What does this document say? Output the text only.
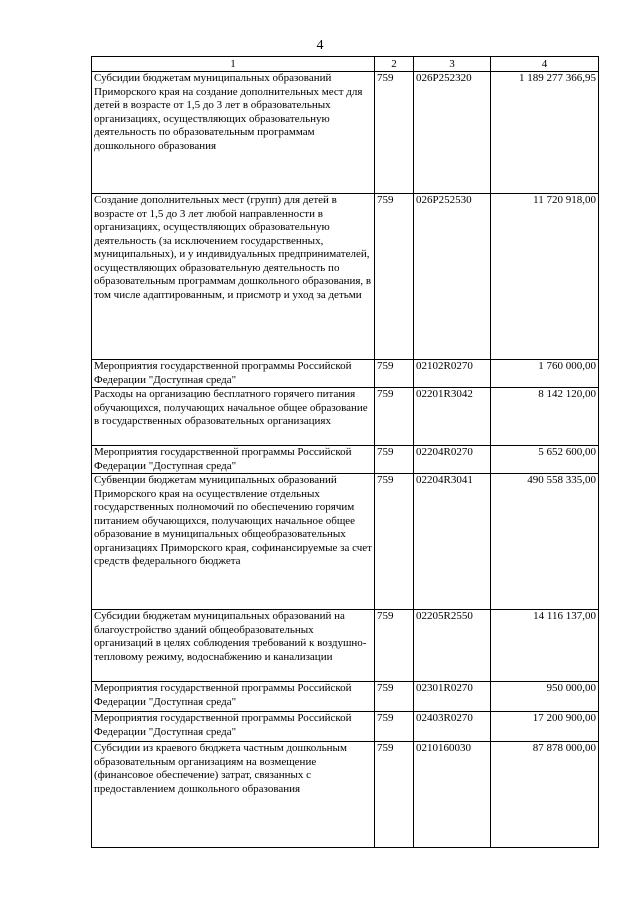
4
1	2	3	4
Субсидии бюджетам муниципальных образований Приморского края на создание дополнительных мест для детей в возрасте от 1,5 до 3 лет в образовательных организациях, осуществляющих образовательную деятельность по образовательным программам дошкольного образования	759	026P252320	1 189 277 366,95
Создание дополнительных мест (групп) для детей в возрасте от 1,5 до 3 лет любой направленности в организациях, осуществляющих образовательную деятельность (за исключением государственных, муниципальных), и у индивидуальных предпринимателей, осуществляющих образовательную деятельность по образовательным программам дошкольного образования, в том числе адаптированным, и присмотр и уход за детьми	759	026P252530	11 720 918,00
Мероприятия государственной программы Российской Федерации "Доступная среда"	759	02102R0270	1 760 000,00
Расходы на организацию бесплатного горячего питания обучающихся, получающих начальное общее образование в государственных образовательных организациях	759	02201R3042	8 142 120,00
Мероприятия государственной программы Российской Федерации "Доступная среда"	759	02204R0270	5 652 600,00
Субвенции бюджетам муниципальных образований Приморского края на осуществление отдельных государственных полномочий по обеспечению горячим питанием обучающихся, получающих начальное общее образование в муниципальных общеобразовательных организациях Приморского края, софинансируемые за счет средств федерального бюджета	759	02204R3041	490 558 335,00
Субсидии бюджетам муниципальных образований на благоустройство зданий общеобразовательных организаций в целях соблюдения требований к воздушно-тепловому режиму, водоснабжению и канализации	759	02205R2550	14 116 137,00
Мероприятия государственной программы Российской Федерации "Доступная среда"	759	02301R0270	950 000,00
Мероприятия государственной программы Российской Федерации "Доступная среда"	759	02403R0270	17 200 900,00
Субсидии из краевого бюджета частным дошкольным образовательным организациям на возмещение (финансовое обеспечение) затрат, связанных с предоставлением дошкольного образования	759	0210160030	87 878 000,00
